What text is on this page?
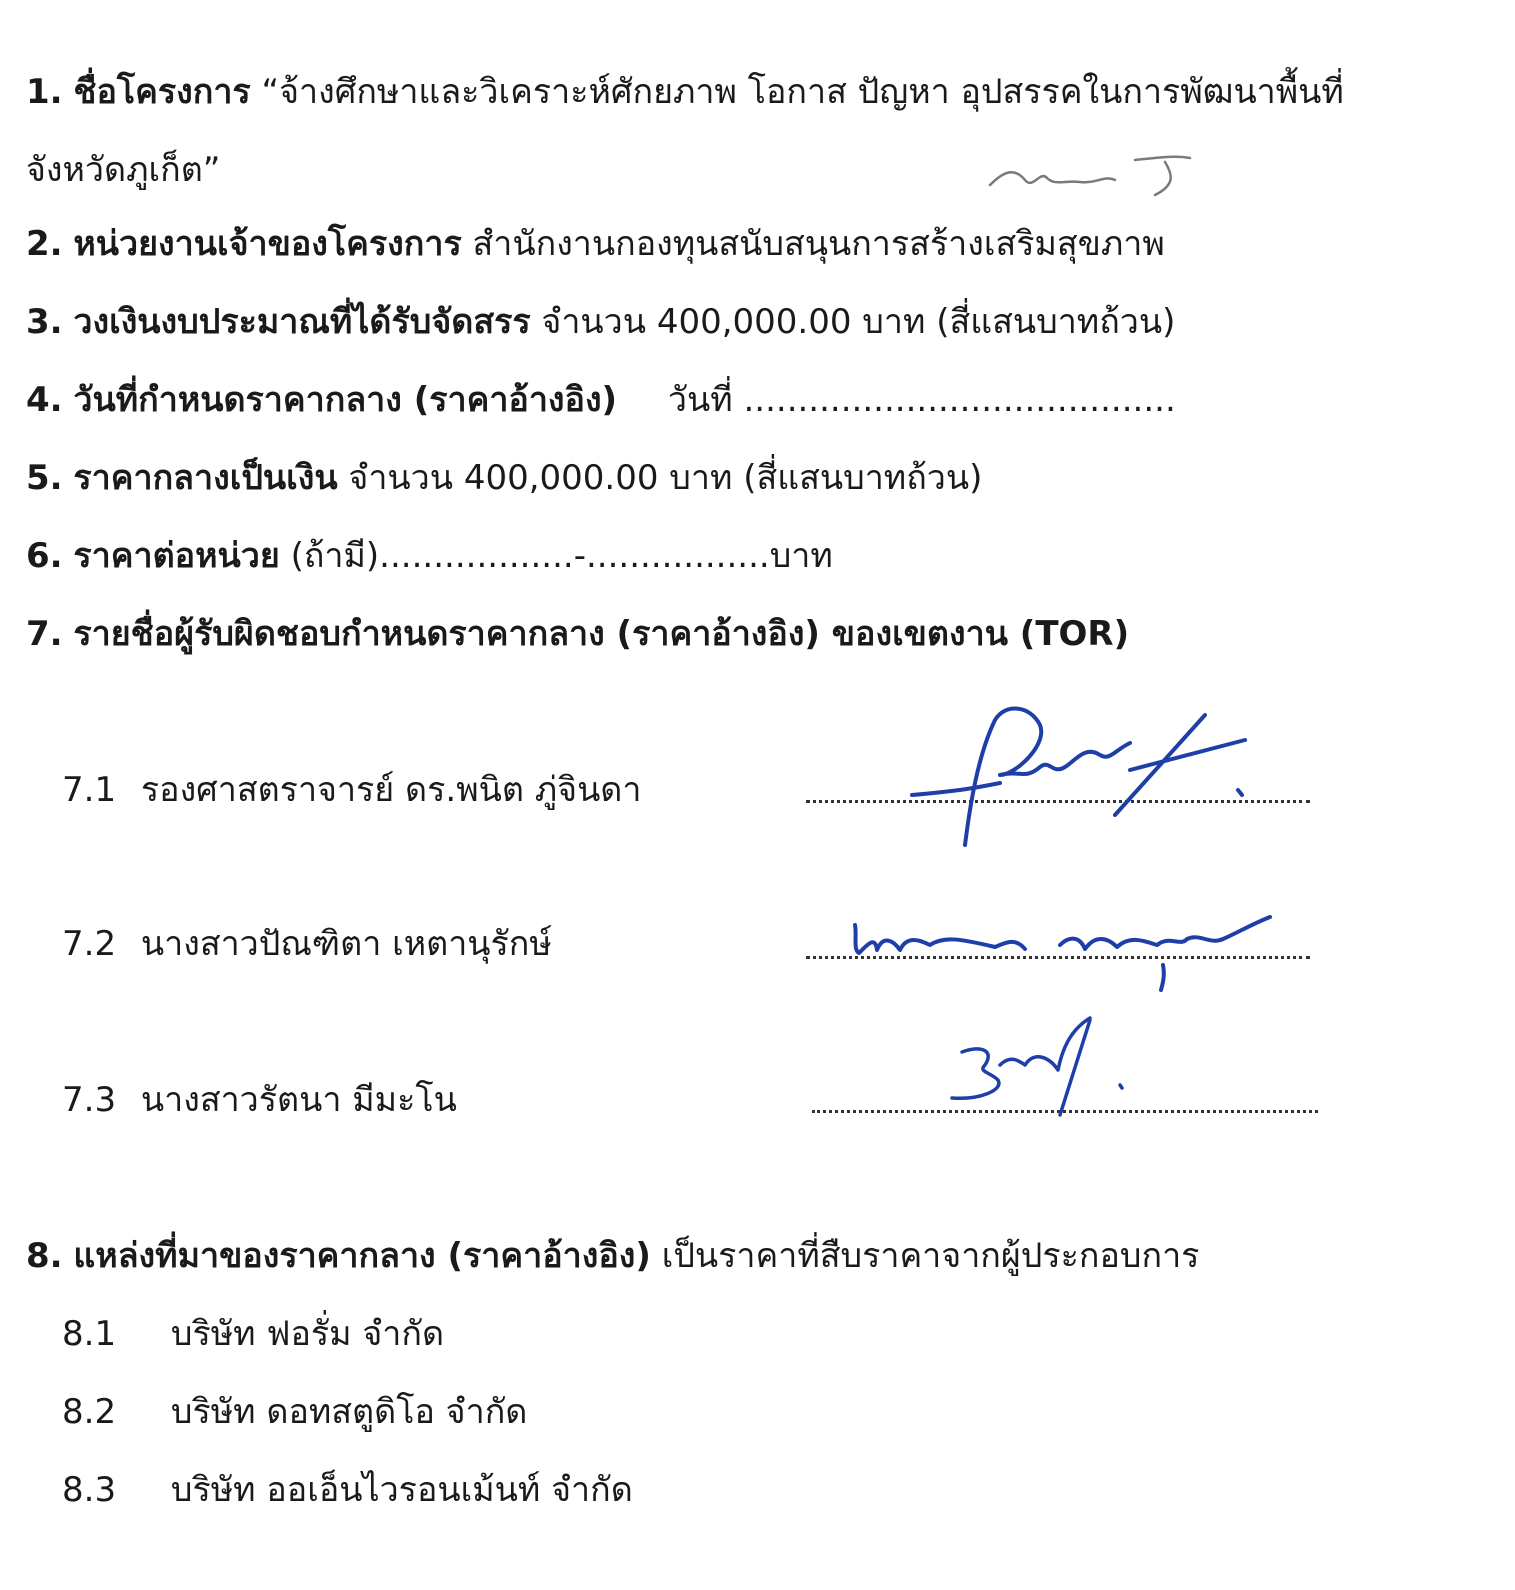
1. ชื่อโครงการ “จ้างศึกษาและวิเคราะห์ศักยภาพ โอกาส ปัญหา อุปสรรคในการพัฒนาพื้นที่
จังหวัดภูเก็ต”
2. หน่วยงานเจ้าของโครงการ สำนักงานกองทุนสนับสนุนการสร้างเสริมสุขภาพ
3. วงเงินงบประมาณที่ได้รับจัดสรร จำนวน 400,000.00 บาท (สี่แสนบาทถ้วน)
4. วันที่กำหนดราคากลาง (ราคาอ้างอิง) วันที่ ........................................
5. ราคากลางเป็นเงิน จำนวน 400,000.00 บาท (สี่แสนบาทถ้วน)
6. ราคาต่อหน่วย (ถ้ามี)..................-.................บาท
7. รายชื่อผู้รับผิดชอบกำหนดราคากลาง (ราคาอ้างอิง) ของเขตงาน (TOR)
7.1 รองศาสตราจารย์ ดร.พนิต ภู่จินดา
7.2 นางสาวปัณฑิตา เหตานุรักษ์
7.3 นางสาวรัตนา มีมะโน
8. แหล่งที่มาของราคากลาง (ราคาอ้างอิง) เป็นราคาที่สืบราคาจากผู้ประกอบการ
8.1 บริษัท ฟอรั่ม จำกัด
8.2 บริษัท ดอทสตูดิโอ จำกัด
8.3 บริษัท ออเอ็นไวรอนเม้นท์ จำกัด
